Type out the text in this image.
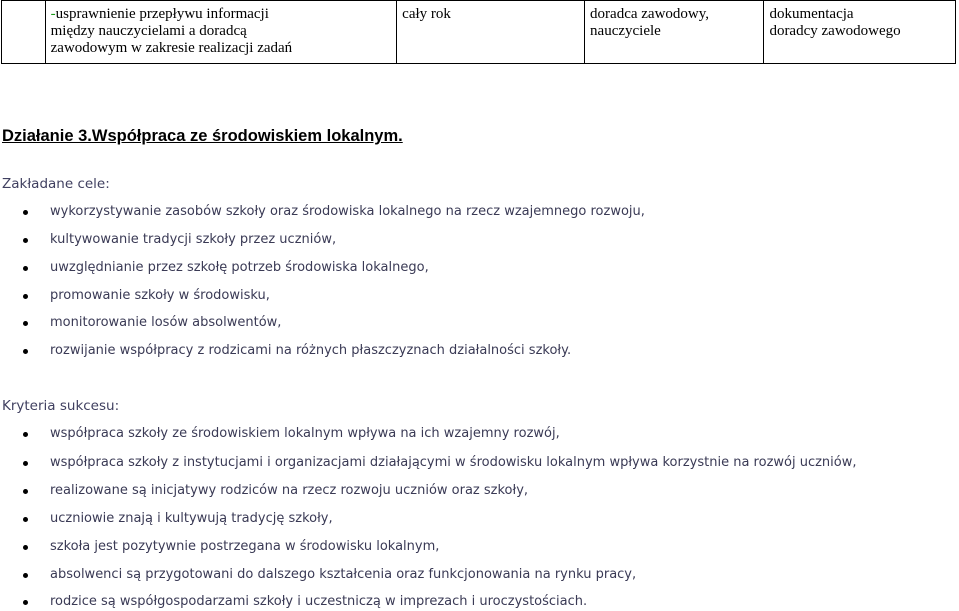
	-usprawnienie przepływu informacji
między nauczycielami a doradcą
zawodowym w zakresie realizacji zadań	cały rok	doradca zawodowy,
nauczyciele	dokumentacja
doradcy zawodowego
Działanie 3.Współpraca ze środowiskiem lokalnym.

Zakładane cele:

wykorzystywanie zasobów szkoły oraz środowiska lokalnego na rzecz wzajemnego rozwoju,
kultywowanie tradycji szkoły przez uczniów,
uwzględnianie przez szkołę potrzeb środowiska lokalnego,
promowanie szkoły w środowisku,
monitorowanie losów absolwentów,
rozwijanie współpracy z rodzicami na różnych płaszczyznach działalności szkoły.

Kryteria sukcesu:

współpraca szkoły ze środowiskiem lokalnym wpływa na ich wzajemny rozwój,
współpraca szkoły z instytucjami i organizacjami działającymi w środowisku lokalnym wpływa korzystnie na rozwój uczniów,
realizowane są inicjatywy rodziców na rzecz rozwoju uczniów oraz szkoły,
uczniowie znają i kultywują tradycję szkoły,
szkoła jest pozytywnie postrzegana w środowisku lokalnym,
absolwenci są przygotowani do dalszego kształcenia oraz funkcjonowania na rynku pracy,
rodzice są współgospodarzami szkoły i uczestniczą w imprezach i uroczystościach.
